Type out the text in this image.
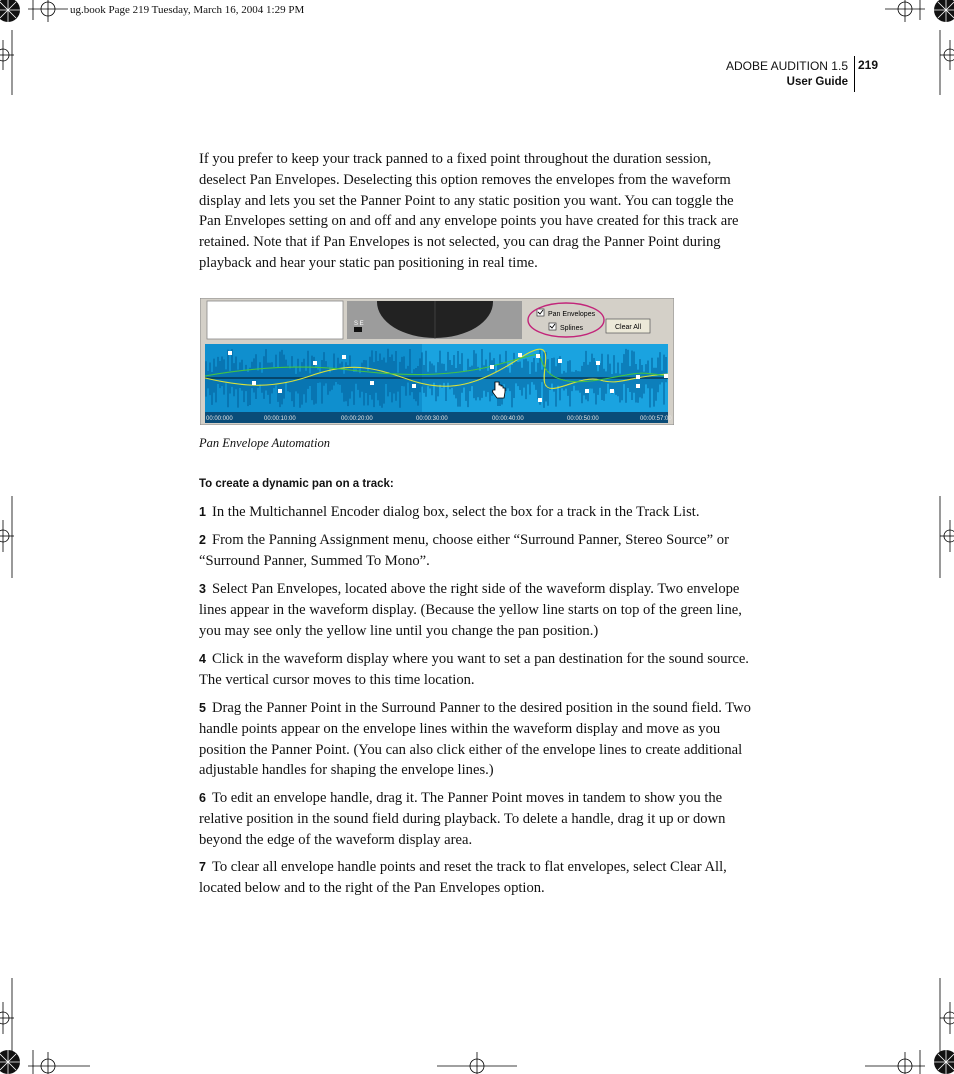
ug.book Page 219 Tuesday, March 16, 2004 1:29 PM
ADOBE AUDITION 1.5
User Guide
219
If you prefer to keep your track panned to a fixed point throughout the duration session, deselect Pan Envelopes. Deselecting this option removes the envelopes from the waveform display and lets you set the Panner Point to any static position you want. You can toggle the Pan Envelopes setting on and off and any envelope points you have created for this track are retained. Note that if Pan Envelopes is not selected, you can drag the Panner Point during playback and hear your static pan positioning in real time.
S E
Pan Envelopes
Splines	Clear All
00:00:000	00:00:10:00	00:00:20:00	00:00:30:00	00:00:40:00	00:00:50:00	00:00:57:00
Pan Envelope Automation
To create a dynamic pan on a track:
1 In the Multichannel Encoder dialog box, select the box for a track in the Track List.
2 From the Panning Assignment menu, choose either “Surround Panner, Stereo Source” or “Surround Panner, Summed To Mono”.
3 Select Pan Envelopes, located above the right side of the waveform display. Two envelope lines appear in the waveform display. (Because the yellow line starts on top of the green line, you may see only the yellow line until you change the pan position.)
4 Click in the waveform display where you want to set a pan destination for the sound source. The vertical cursor moves to this time location.
5 Drag the Panner Point in the Surround Panner to the desired position in the sound field. Two handle points appear on the envelope lines within the waveform display and move as you position the Panner Point. (You can also click either of the envelope lines to create additional adjustable handles for shaping the envelope lines.)
6 To edit an envelope handle, drag it. The Panner Point moves in tandem to show you the relative position in the sound field during playback. To delete a handle, drag it up or down beyond the edge of the waveform display area.
7 To clear all envelope handle points and reset the track to flat envelopes, select Clear All, located below and to the right of the Pan Envelopes option.
